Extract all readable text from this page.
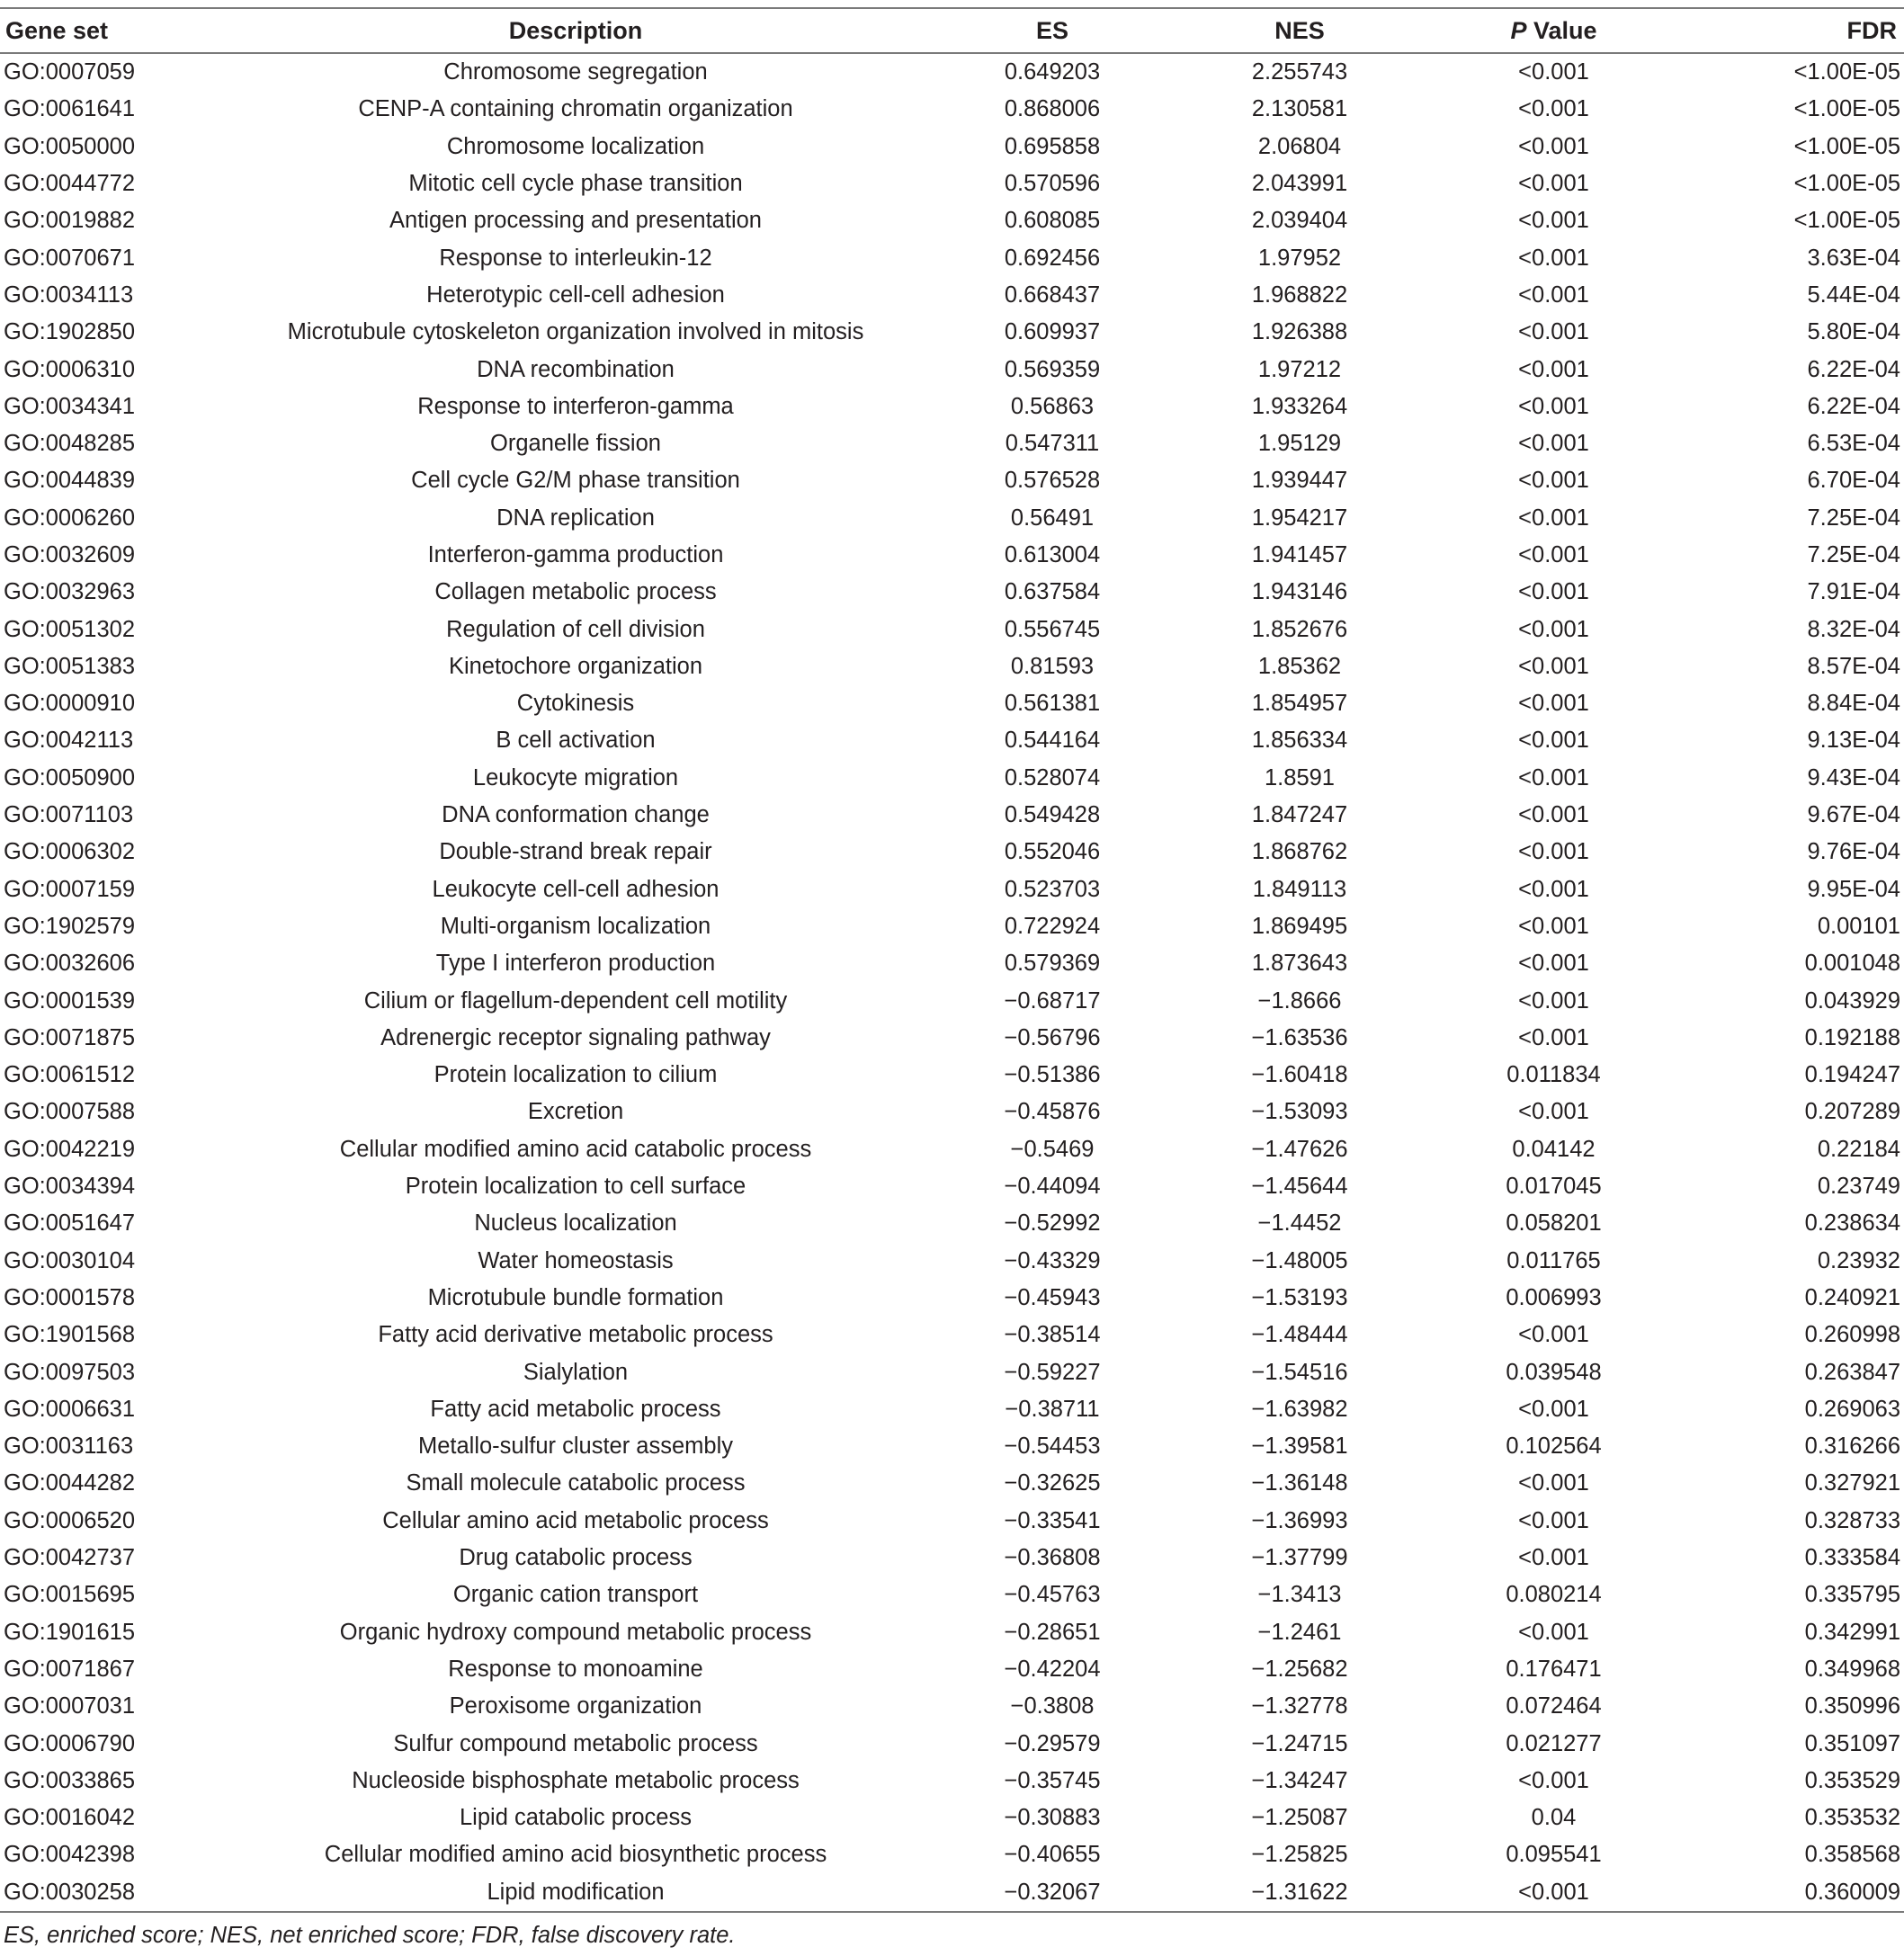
Gene set	Description	ES	NES	P Value	FDR
GO:0007059	Chromosome segregation	0.649203	2.255743	<0.001	<1.00E-05
GO:0061641	CENP-A containing chromatin organization	0.868006	2.130581	<0.001	<1.00E-05
GO:0050000	Chromosome localization	0.695858	2.06804	<0.001	<1.00E-05
GO:0044772	Mitotic cell cycle phase transition	0.570596	2.043991	<0.001	<1.00E-05
GO:0019882	Antigen processing and presentation	0.608085	2.039404	<0.001	<1.00E-05
GO:0070671	Response to interleukin-12	0.692456	1.97952	<0.001	3.63E-04
GO:0034113	Heterotypic cell-cell adhesion	0.668437	1.968822	<0.001	5.44E-04
GO:1902850	Microtubule cytoskeleton organization involved in mitosis	0.609937	1.926388	<0.001	5.80E-04
GO:0006310	DNA recombination	0.569359	1.97212	<0.001	6.22E-04
GO:0034341	Response to interferon-gamma	0.56863	1.933264	<0.001	6.22E-04
GO:0048285	Organelle fission	0.547311	1.95129	<0.001	6.53E-04
GO:0044839	Cell cycle G2/M phase transition	0.576528	1.939447	<0.001	6.70E-04
GO:0006260	DNA replication	0.56491	1.954217	<0.001	7.25E-04
GO:0032609	Interferon-gamma production	0.613004	1.941457	<0.001	7.25E-04
GO:0032963	Collagen metabolic process	0.637584	1.943146	<0.001	7.91E-04
GO:0051302	Regulation of cell division	0.556745	1.852676	<0.001	8.32E-04
GO:0051383	Kinetochore organization	0.81593	1.85362	<0.001	8.57E-04
GO:0000910	Cytokinesis	0.561381	1.854957	<0.001	8.84E-04
GO:0042113	B cell activation	0.544164	1.856334	<0.001	9.13E-04
GO:0050900	Leukocyte migration	0.528074	1.8591	<0.001	9.43E-04
GO:0071103	DNA conformation change	0.549428	1.847247	<0.001	9.67E-04
GO:0006302	Double-strand break repair	0.552046	1.868762	<0.001	9.76E-04
GO:0007159	Leukocyte cell-cell adhesion	0.523703	1.849113	<0.001	9.95E-04
GO:1902579	Multi-organism localization	0.722924	1.869495	<0.001	0.00101
GO:0032606	Type I interferon production	0.579369	1.873643	<0.001	0.001048
GO:0001539	Cilium or flagellum-dependent cell motility	−0.68717	−1.8666	<0.001	0.043929
GO:0071875	Adrenergic receptor signaling pathway	−0.56796	−1.63536	<0.001	0.192188
GO:0061512	Protein localization to cilium	−0.51386	−1.60418	0.011834	0.194247
GO:0007588	Excretion	−0.45876	−1.53093	<0.001	0.207289
GO:0042219	Cellular modified amino acid catabolic process	−0.5469	−1.47626	0.04142	0.22184
GO:0034394	Protein localization to cell surface	−0.44094	−1.45644	0.017045	0.23749
GO:0051647	Nucleus localization	−0.52992	−1.4452	0.058201	0.238634
GO:0030104	Water homeostasis	−0.43329	−1.48005	0.011765	0.23932
GO:0001578	Microtubule bundle formation	−0.45943	−1.53193	0.006993	0.240921
GO:1901568	Fatty acid derivative metabolic process	−0.38514	−1.48444	<0.001	0.260998
GO:0097503	Sialylation	−0.59227	−1.54516	0.039548	0.263847
GO:0006631	Fatty acid metabolic process	−0.38711	−1.63982	<0.001	0.269063
GO:0031163	Metallo-sulfur cluster assembly	−0.54453	−1.39581	0.102564	0.316266
GO:0044282	Small molecule catabolic process	−0.32625	−1.36148	<0.001	0.327921
GO:0006520	Cellular amino acid metabolic process	−0.33541	−1.36993	<0.001	0.328733
GO:0042737	Drug catabolic process	−0.36808	−1.37799	<0.001	0.333584
GO:0015695	Organic cation transport	−0.45763	−1.3413	0.080214	0.335795
GO:1901615	Organic hydroxy compound metabolic process	−0.28651	−1.2461	<0.001	0.342991
GO:0071867	Response to monoamine	−0.42204	−1.25682	0.176471	0.349968
GO:0007031	Peroxisome organization	−0.3808	−1.32778	0.072464	0.350996
GO:0006790	Sulfur compound metabolic process	−0.29579	−1.24715	0.021277	0.351097
GO:0033865	Nucleoside bisphosphate metabolic process	−0.35745	−1.34247	<0.001	0.353529
GO:0016042	Lipid catabolic process	−0.30883	−1.25087	0.04	0.353532
GO:0042398	Cellular modified amino acid biosynthetic process	−0.40655	−1.25825	0.095541	0.358568
GO:0030258	Lipid modification	−0.32067	−1.31622	<0.001	0.360009
ES, enriched score; NES, net enriched score; FDR, false discovery rate.
